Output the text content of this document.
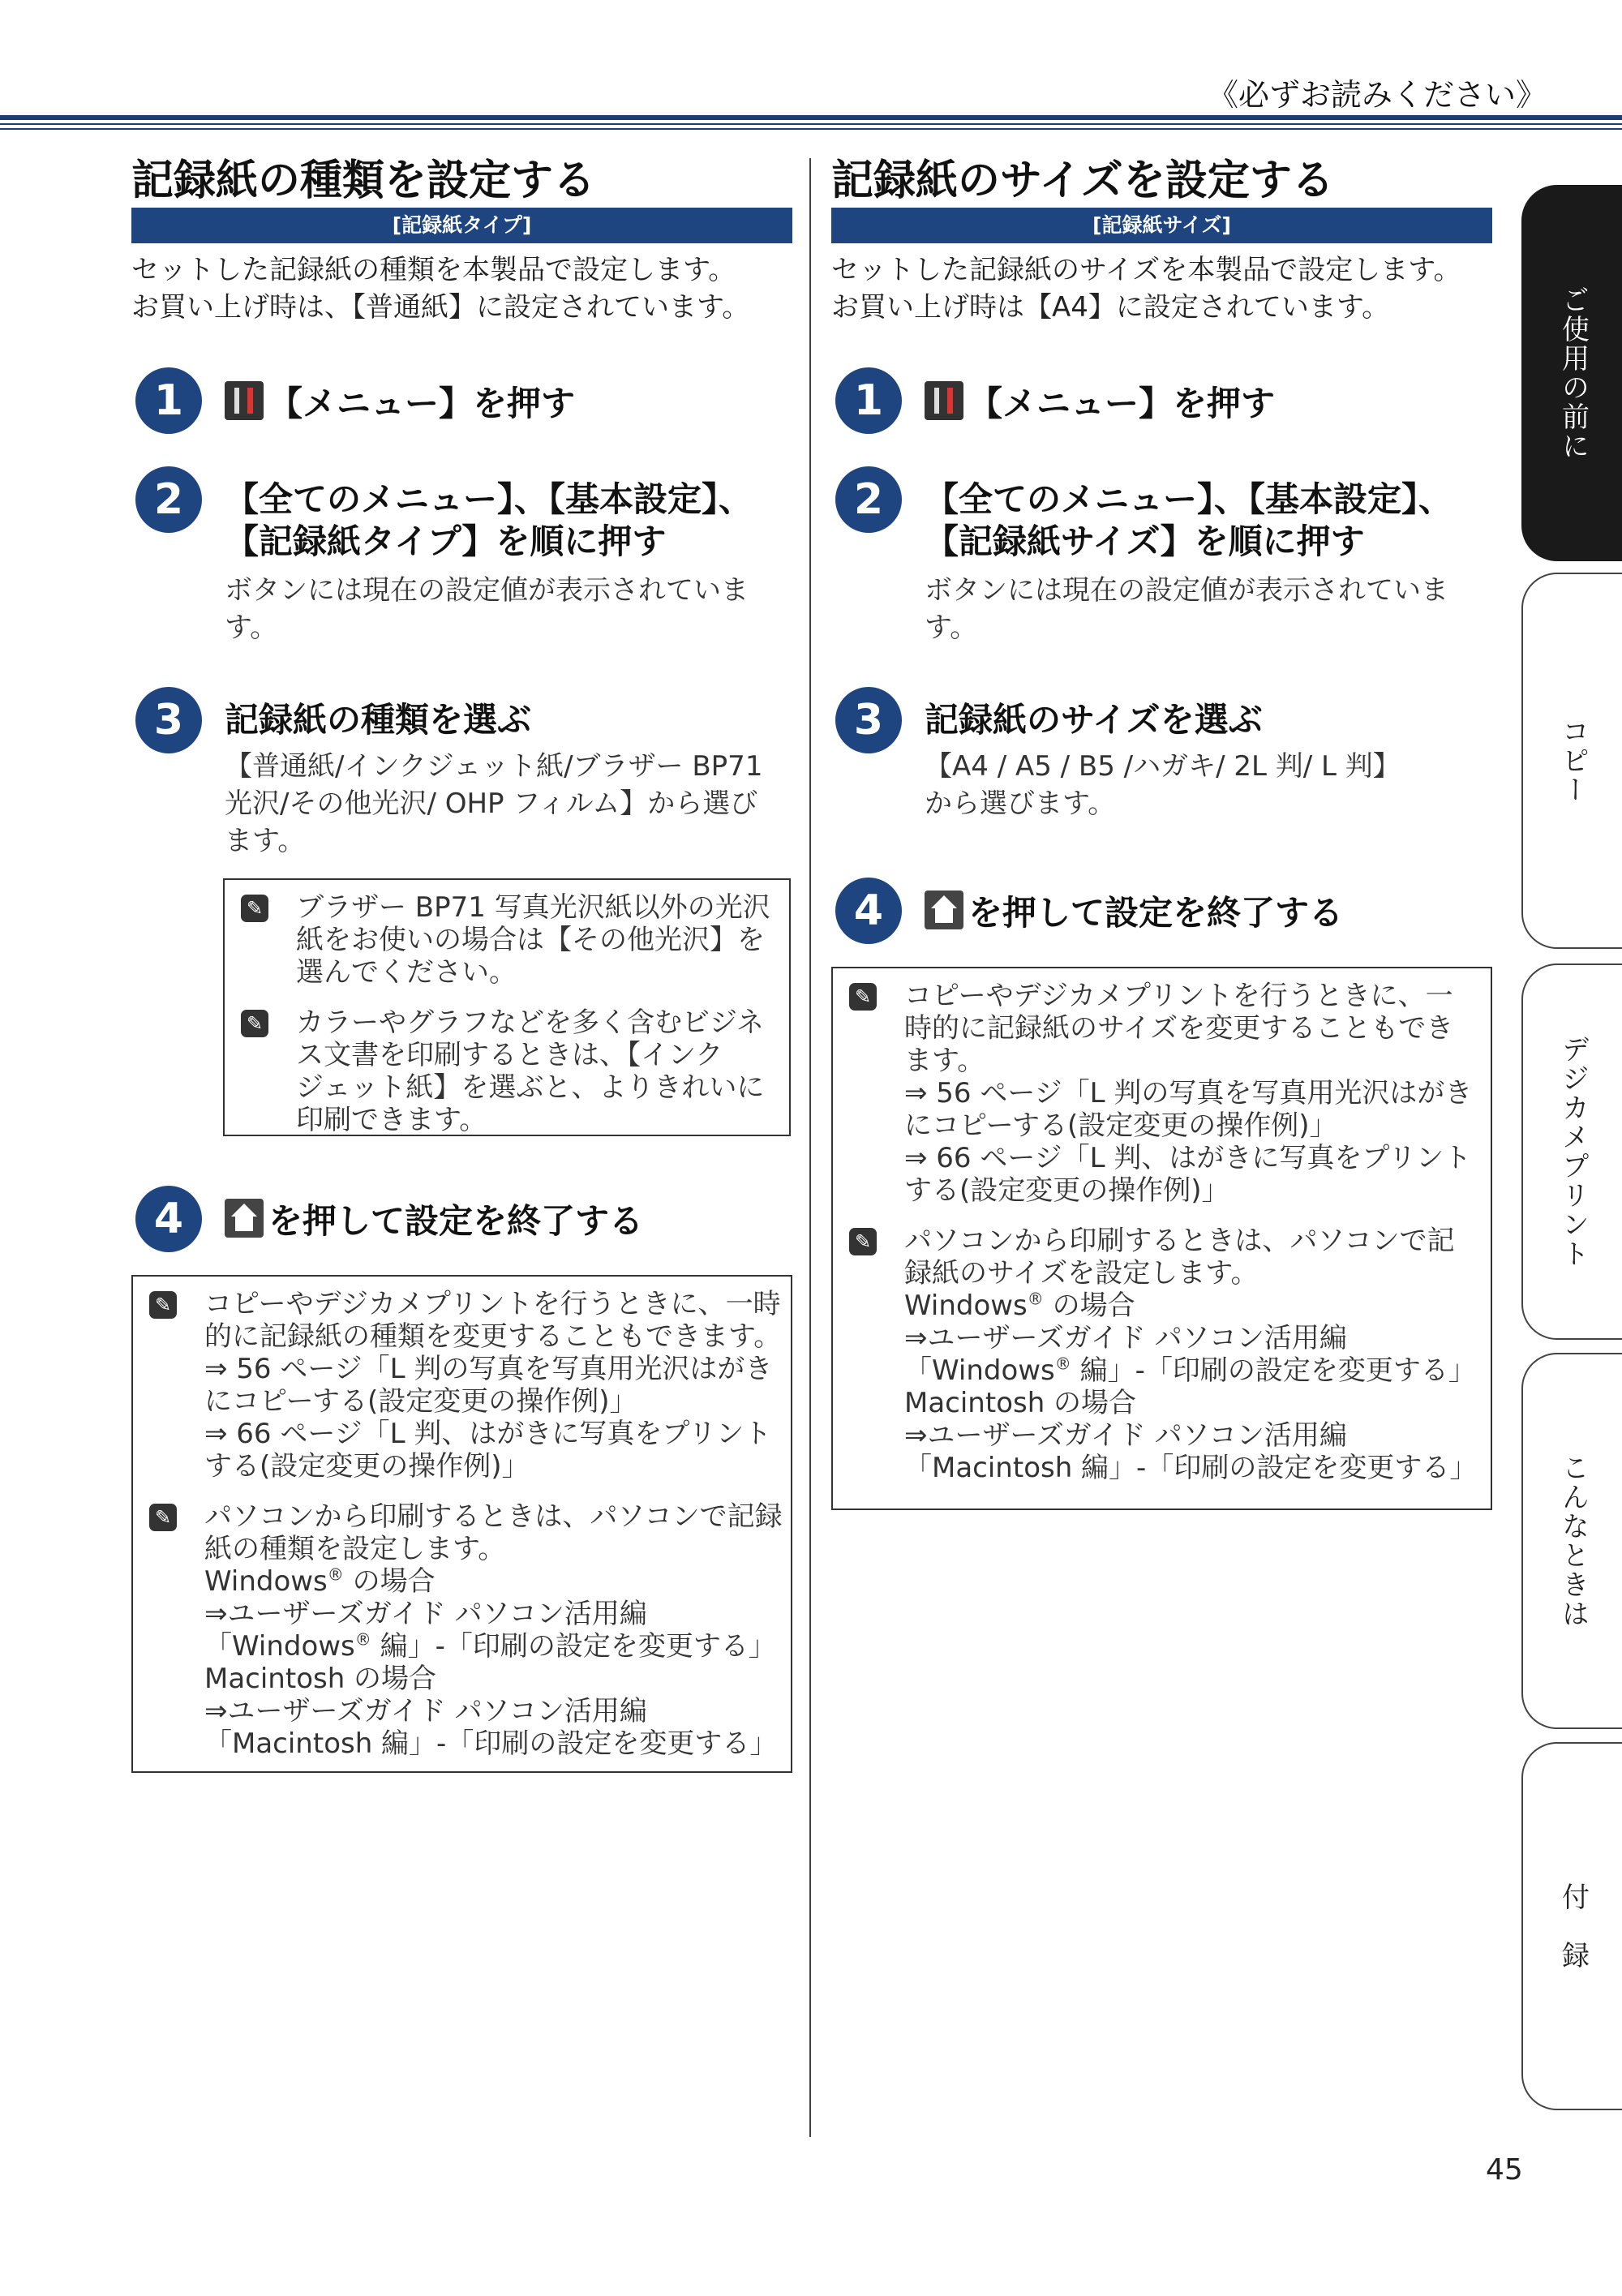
《必ずお読みください》
記録紙の種類を設定する
[記録紙タイプ]
セットした記録紙の種類を本製品で設定します。
お買い上げ時は、【普通紙】に設定されています。
1	【メニュー】を押す
2	【全てのメニュー】、【基本設定】、
【記録紙タイプ】を順に押す
ボタンには現在の設定値が表示されていま
す。
3	記録紙の種類を選ぶ
【普通紙/インクジェット紙/ブラザー BP71
光沢/その他光沢/ OHP フィルム】から選び
ます。
✎ ブラザー BP71 写真光沢紙以外の光沢
紙をお使いの場合は【その他光沢】を
選んでください。
✎ カラーやグラフなどを多く含むビジネ
ス文書を印刷するときは、【インク
ジェット紙】を選ぶと、よりきれいに
印刷できます。
4	を押して設定を終了する
✎ コピーやデジカメプリントを行うときに、一時
的に記録紙の種類を変更することもできます。
⇒ 56 ページ「L 判の写真を写真用光沢はがき
にコピーする(設定変更の操作例)」
⇒ 66 ページ「L 判、はがきに写真をプリント
する(設定変更の操作例)」
✎ パソコンから印刷するときは、パソコンで記録
紙の種類を設定します。
Windows® の場合
⇒ユーザーズガイド パソコン活用編
「Windows® 編」-「印刷の設定を変更する」
Macintosh の場合
⇒ユーザーズガイド パソコン活用編
「Macintosh 編」-「印刷の設定を変更する」
記録紙のサイズを設定する
[記録紙サイズ]
セットした記録紙のサイズを本製品で設定します。
お買い上げ時は【A4】に設定されています。
1	【メニュー】を押す
2	【全てのメニュー】、【基本設定】、
【記録紙サイズ】を順に押す
ボタンには現在の設定値が表示されていま
す。
3	記録紙のサイズを選ぶ
【A4 / A5 / B5 /ハガキ/ 2L 判/ L 判】
から選びます。
4	を押して設定を終了する
✎ コピーやデジカメプリントを行うときに、一
時的に記録紙のサイズを変更することもでき
ます。
⇒ 56 ページ「L 判の写真を写真用光沢はがき
にコピーする(設定変更の操作例)」
⇒ 66 ページ「L 判、はがきに写真をプリント
する(設定変更の操作例)」
✎ パソコンから印刷するときは、パソコンで記
録紙のサイズを設定します。
Windows® の場合
⇒ユーザーズガイド パソコン活用編
「Windows® 編」-「印刷の設定を変更する」
Macintosh の場合
⇒ユーザーズガイド パソコン活用編
「Macintosh 編」-「印刷の設定を変更する」
ご使用の前に
コピー
デジカメプリント
こんなときは
付　録
45
